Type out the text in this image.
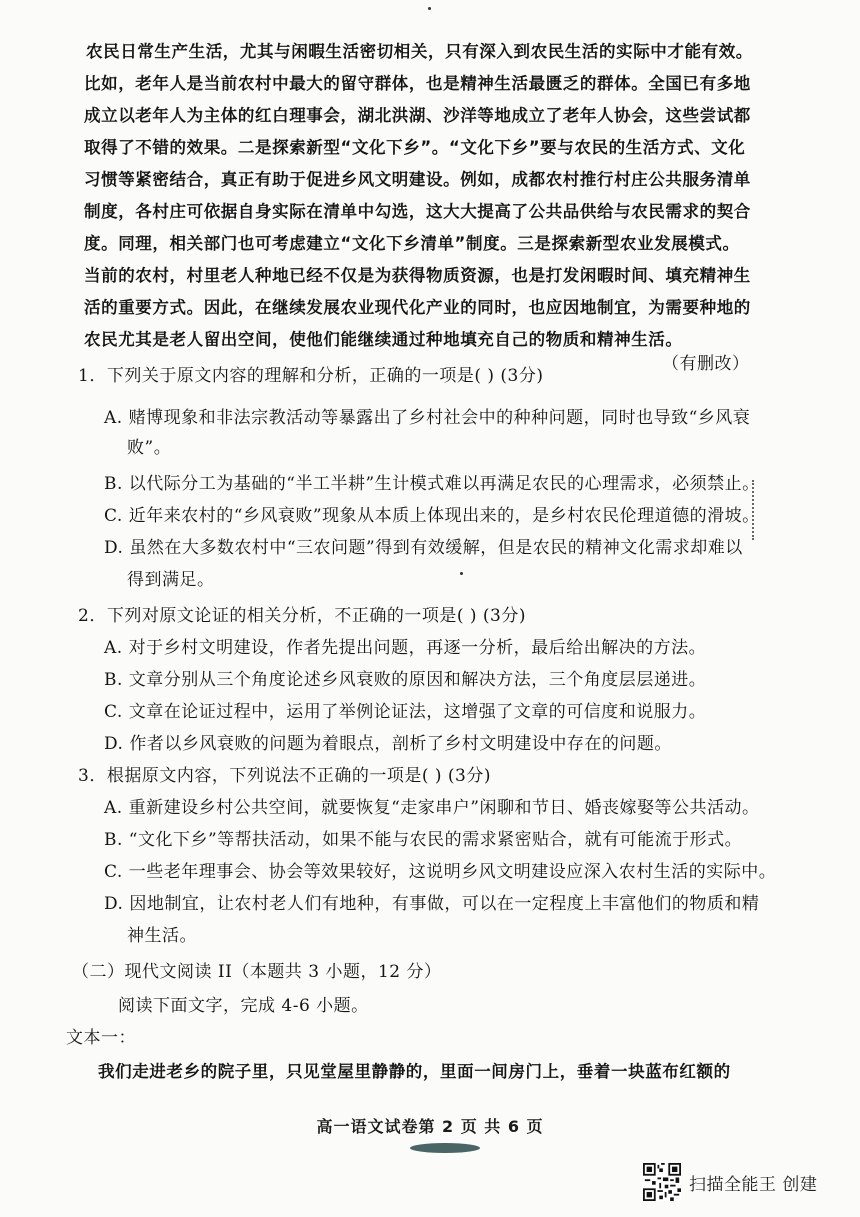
农民日常生产生活，尤其与闲暇生活密切相关，只有深入到农民生活的实际中才能有效。
比如，老年人是当前农村中最大的留守群体，也是精神生活最匮乏的群体。全国已有多地
成立以老年人为主体的红白理事会，湖北洪湖、沙洋等地成立了老年人协会，这些尝试都
取得了不错的效果。二是探索新型“文化下乡”。“文化下乡”要与农民的生活方式、文化
习惯等紧密结合，真正有助于促进乡风文明建设。例如，成都农村推行村庄公共服务清单
制度，各村庄可依据自身实际在清单中勾选，这大大提高了公共品供给与农民需求的契合
度。同理，相关部门也可考虑建立“文化下乡清单”制度。三是探索新型农业发展模式。
当前的农村，村里老人种地已经不仅是为获得物质资源，也是打发闲暇时间、填充精神生
活的重要方式。因此，在继续发展农业现代化产业的同时，也应因地制宜，为需要种地的
农民尤其是老人留出空间，使他们能继续通过种地填充自己的物质和精神生活。
1．下列关于原文内容的理解和分析，正确的一项是( ) (3分)
（有删改）
A. 赌博现象和非法宗教活动等暴露出了乡村社会中的种种问题，同时也导致“乡风衰
败”。
B. 以代际分工为基础的“半工半耕”生计模式难以再满足农民的心理需求，必须禁止。
C. 近年来农村的“乡风衰败”现象从本质上体现出来的，是乡村农民伦理道德的滑坡。
D. 虽然在大多数农村中“三农问题”得到有效缓解，但是农民的精神文化需求却难以
得到满足。
2．下列对原文论证的相关分析，不正确的一项是( ) (3分)
A. 对于乡村文明建设，作者先提出问题，再逐一分析，最后给出解决的方法。
B. 文章分别从三个角度论述乡风衰败的原因和解决方法，三个角度层层递进。
C. 文章在论证过程中，运用了举例论证法，这增强了文章的可信度和说服力。
D. 作者以乡风衰败的问题为着眼点，剖析了乡村文明建设中存在的问题。
3．根据原文内容，下列说法不正确的一项是( ) (3分)
A. 重新建设乡村公共空间，就要恢复“走家串户”闲聊和节日、婚丧嫁娶等公共活动。
B. “文化下乡”等帮扶活动，如果不能与农民的需求紧密贴合，就有可能流于形式。
C. 一些老年理事会、协会等效果较好，这说明乡风文明建设应深入农村生活的实际中。
D. 因地制宜，让农村老人们有地种，有事做，可以在一定程度上丰富他们的物质和精
神生活。
（二）现代文阅读 II（本题共 3 小题，12 分）
阅读下面文字，完成 4-6 小题。
文本一：
我们走进老乡的院子里，只见堂屋里静静的，里面一间房门上，垂着一块蓝布红额的
高一语文试卷第 2 页 共 6 页
扫描全能王 创建
